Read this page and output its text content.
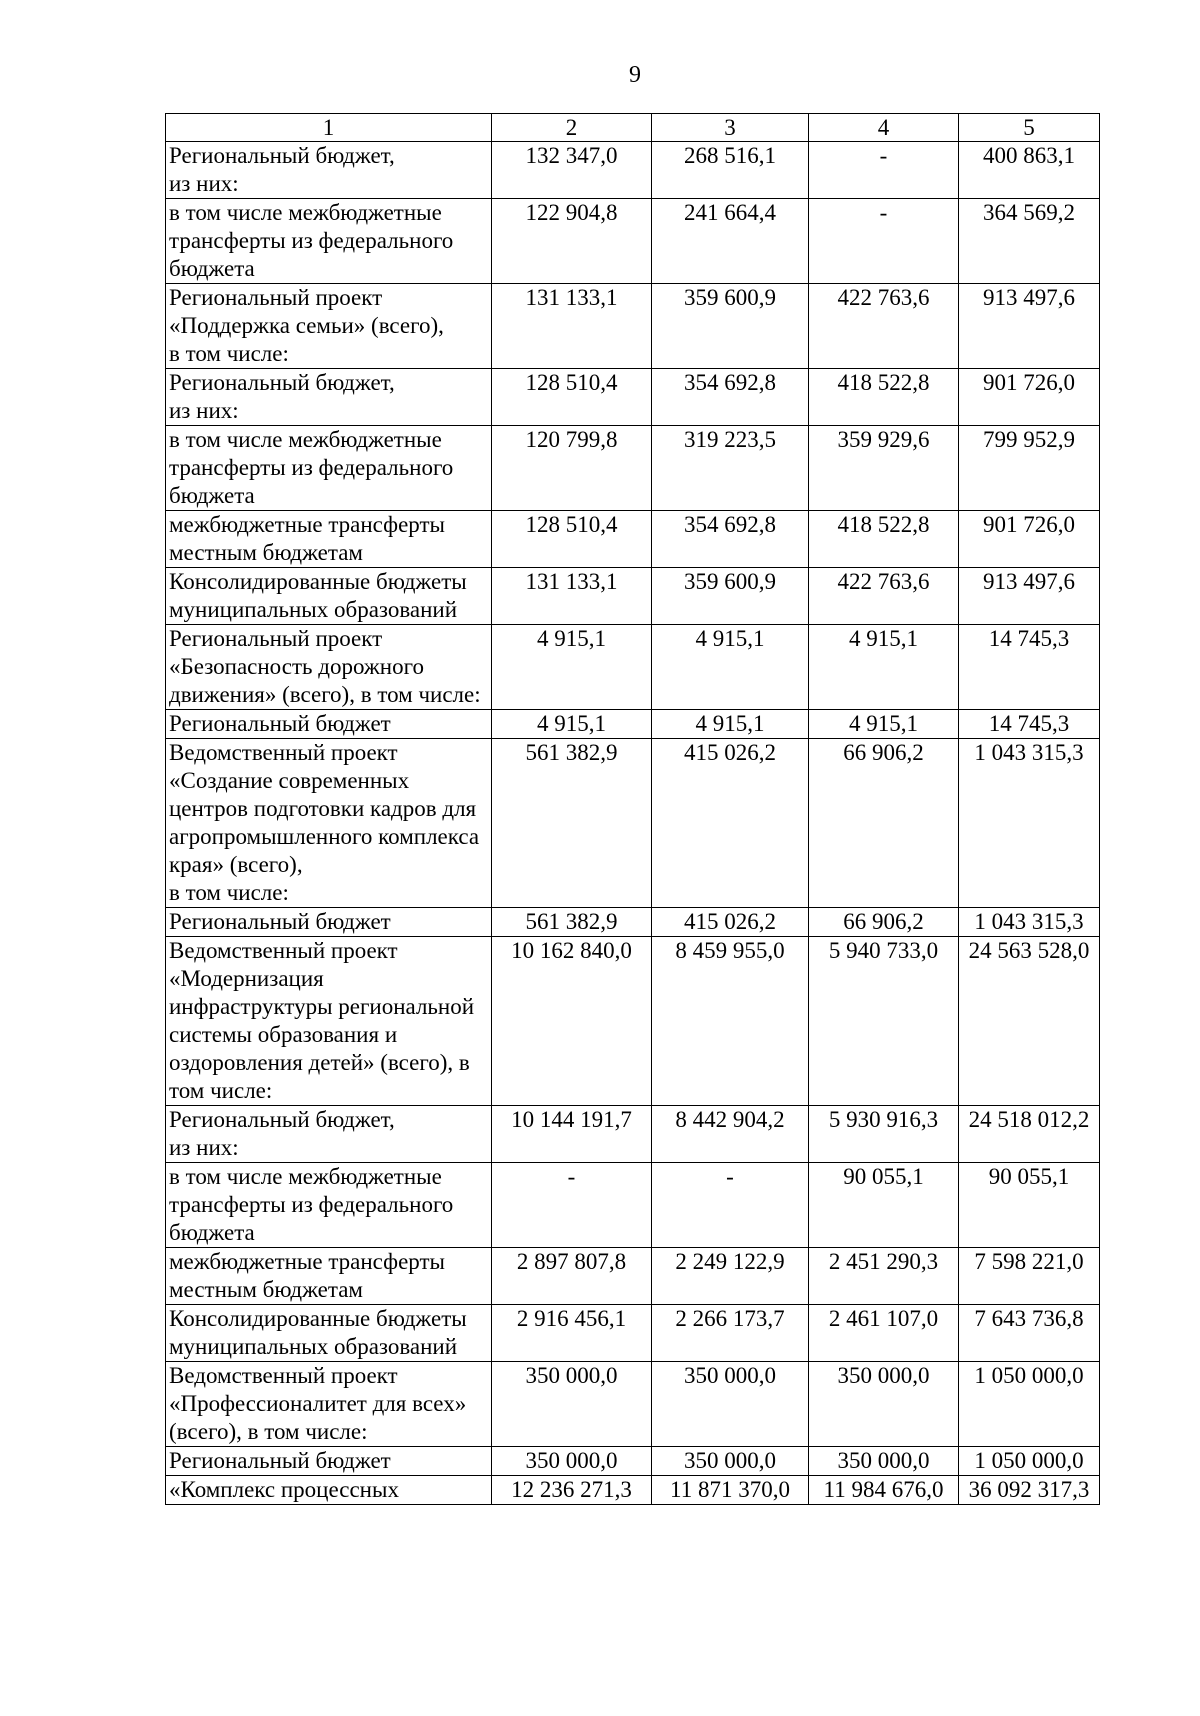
9
1	2	3	4	5
Региональный бюджет,
из них:	132 347,0	268 516,1	-	400 863,1
в том числе межбюджетные трансферты из федерального бюджета	122 904,8	241 664,4	-	364 569,2
Региональный проект «Поддержка семьи» (всего),
в том числе:	131 133,1	359 600,9	422 763,6	913 497,6
Региональный бюджет,
из них:	128 510,4	354 692,8	418 522,8	901 726,0
в том числе межбюджетные трансферты из федерального бюджета	120 799,8	319 223,5	359 929,6	799 952,9
межбюджетные трансферты местным бюджетам	128 510,4	354 692,8	418 522,8	901 726,0
Консолидированные бюджеты муниципальных образований	131 133,1	359 600,9	422 763,6	913 497,6
Региональный проект «Безопасность дорожного движения» (всего), в том числе:	4 915,1	4 915,1	4 915,1	14 745,3
Региональный бюджет	4 915,1	4 915,1	4 915,1	14 745,3
Ведомственный проект «Создание современных центров подготовки кадров для агропромышленного комплекса края» (всего),
в том числе:	561 382,9	415 026,2	66 906,2	1 043 315,3
Региональный бюджет	561 382,9	415 026,2	66 906,2	1 043 315,3
Ведомственный проект «Модернизация инфраструктуры региональной системы образования и оздоровления детей» (всего), в том числе:	10 162 840,0	8 459 955,0	5 940 733,0	24 563 528,0
Региональный бюджет,
из них:	10 144 191,7	8 442 904,2	5 930 916,3	24 518 012,2
в том числе межбюджетные трансферты из федерального бюджета	-	-	90 055,1	90 055,1
межбюджетные трансферты местным бюджетам	2 897 807,8	2 249 122,9	2 451 290,3	7 598 221,0
Консолидированные бюджеты муниципальных образований	2 916 456,1	2 266 173,7	2 461 107,0	7 643 736,8
Ведомственный проект «Профессионалитет для всех» (всего), в том числе:	350 000,0	350 000,0	350 000,0	1 050 000,0
Региональный бюджет	350 000,0	350 000,0	350 000,0	1 050 000,0
«Комплекс процессных	12 236 271,3	11 871 370,0	11 984 676,0	36 092 317,3
